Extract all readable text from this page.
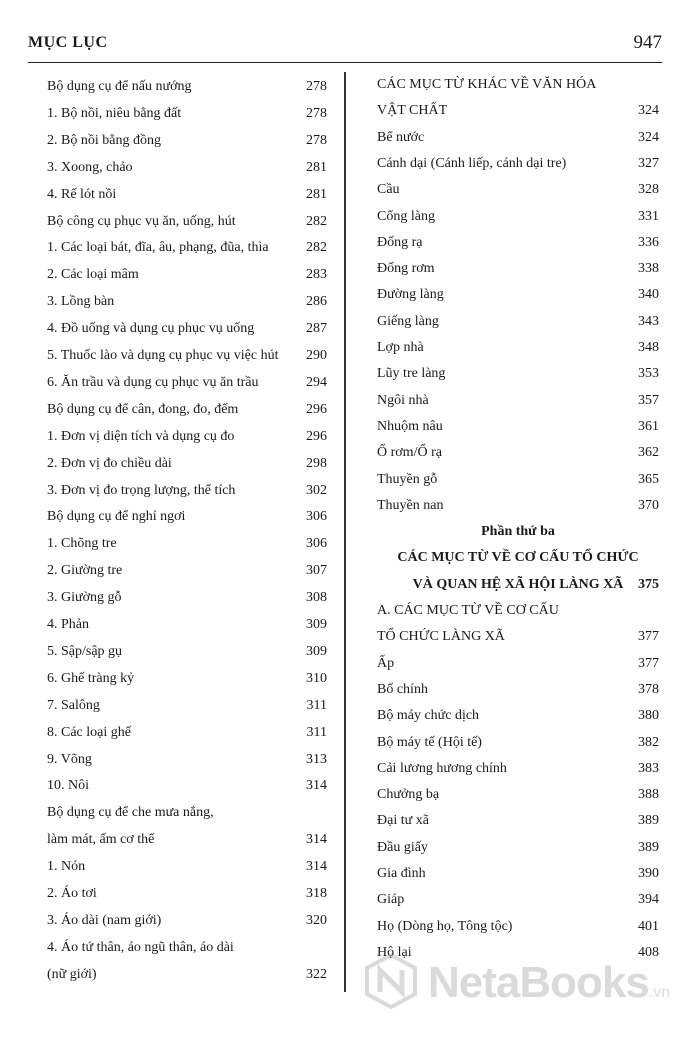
MỤC LỤC	947
Bộ dụng cụ để nấu nướng	278
1. Bộ nồi, niêu bằng đất	278
2. Bộ nồi bằng đồng	278
3. Xoong, chảo	281
4. Rế lót nồi	281
Bộ công cụ phục vụ ăn, uống, hút	282
1. Các loại bát, đĩa, âu, phạng, đũa, thìa	282
2. Các loại mâm	283
3. Lồng bàn	286
4. Đồ uống và dụng cụ phục vụ uống	287
5. Thuốc lào và dụng cụ phục vụ việc hút 290
6. Ăn trầu và dụng cụ phục vụ ăn trầu	294
Bộ dụng cụ để cân, đong, đo, đếm	296
1. Đơn vị diện tích và dụng cụ đo	296
2. Đơn vị đo chiều dài	298
3. Đơn vị đo trọng lượng, thể tích	302
Bộ dụng cụ để nghỉ ngơi	306
1. Chõng tre	306
2. Giường tre	307
3. Giường gỗ	308
4. Phản	309
5. Sập/sập gụ	309
6. Ghế tràng kỷ	310
7. Salông	311
8. Các loại ghế	311
9. Võng	313
10. Nôi	314
Bộ dụng cụ để che mưa nắng,
làm mát, ấm cơ thể	314
1. Nón	314
2. Áo tơi	318
3. Áo dài (nam giới)	320
4. Áo tứ thân, áo ngũ thân, áo dài
(nữ giới)	322
CÁC MỤC TỪ KHÁC VỀ VĂN HÓA
VẬT CHẤT	324
Bể nước	324
Cánh dại (Cánh liếp, cánh dại tre)	327
Cầu	328
Cổng làng	331
Đống rạ	336
Đống rơm	338
Đường làng	340
Giếng làng	343
Lợp nhà	348
Lũy tre làng	353
Ngôi nhà	357
Nhuộm nâu	361
Ổ rơm/Ổ rạ	362
Thuyền gỗ	365
Thuyền nan	370
Phần thứ ba
CÁC MỤC TỪ VỀ CƠ CẤU TỔ CHỨC
VÀ QUAN HỆ XÃ HỘI LÀNG XÃ	375
A. CÁC MỤC TỪ VỀ CƠ CẤU
TỔ CHỨC LÀNG XÃ	377
Ấp	377
Bố chính	378
Bộ máy chức dịch	380
Bộ máy tế (Hội tế)	382
Cải lương hương chính	383
Chưởng bạ	388
Đại tư xã	389
Đầu giấy	389
Gia đình	390
Giáp	394
Họ (Dòng họ, Tông tộc)	401
Hộ lại	408
NetaBooks.vn
